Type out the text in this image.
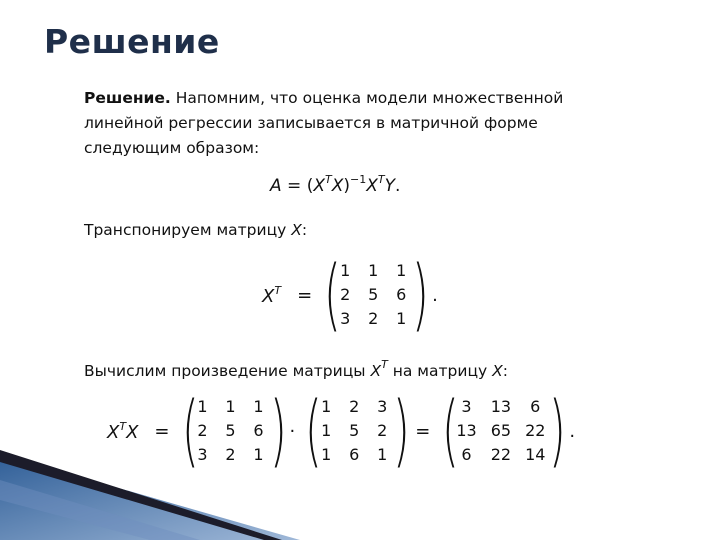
Решение
Решение. Напомним, что оценка модели множественной линейной регрессии записывается в матричной форме следующим образом:
$A = (X^TX)^{-1}X^TY$.
Транспонируем матрицу X:
$X^T$ = ( 1 1 1
2 5 6
3 2 1 ) .
Вычислим произведение матрицы $X^T$ на матрицу X:
$X^TX$ = ( 1 1 1
2 5 6
3 2 1 ) · ( 1 2 3
1 5 2
1 6 1 ) = ( 3	13	6
13 65 22
6	22 14 ) .
